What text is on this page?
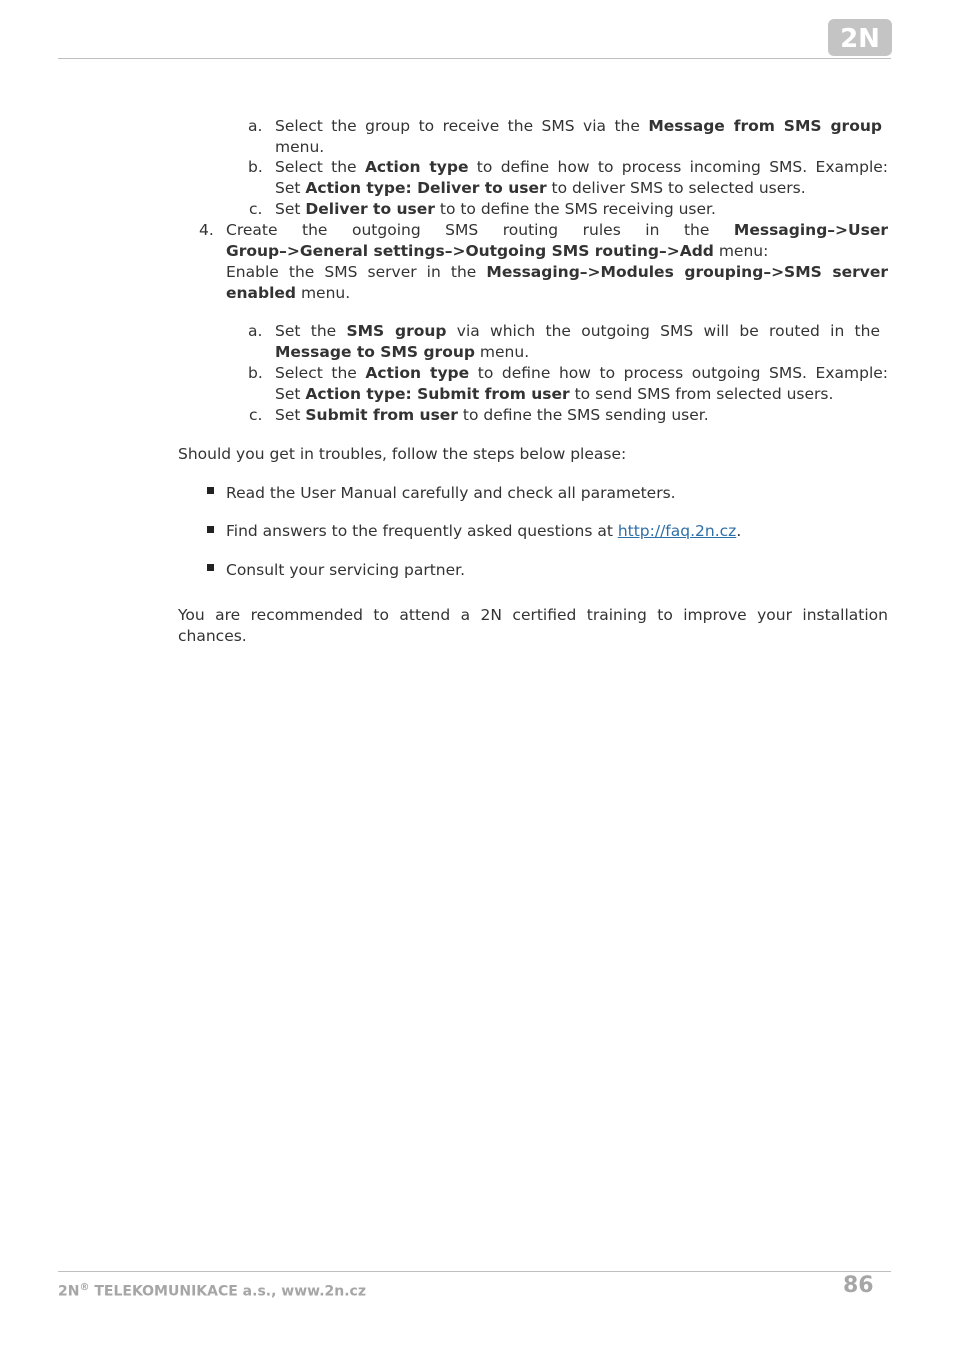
2N
a. Select the group to receive the SMS via the Message from SMS group
menu.
b. Select the Action type to define how to process incoming SMS. Example:
Set Action type: Deliver to user to deliver SMS to selected users.
c. Set Deliver to user to to define the SMS receiving user.
4. Create the outgoing SMS routing rules in the Messaging–>User
Group–>General settings–>Outgoing SMS routing–>Add menu:
Enable the SMS server in the Messaging–>Modules grouping–>SMS server
enabled menu.
a. Set the SMS group via which the outgoing SMS will be routed in the
Message to SMS group menu.
b. Select the Action type to define how to process outgoing SMS. Example:
Set Action type: Submit from user to send SMS from selected users.
c. Set Submit from user to define the SMS sending user.
Should you get in troubles, follow the steps below please:
Read the User Manual carefully and check all parameters.
Find answers to the frequently asked questions at http://faq.2n.cz.
Consult your servicing partner.
You are recommended to attend a 2N certified training to improve your installation
chances.
2N® TELEKOMUNIKACE a.s., www.2n.cz	86
